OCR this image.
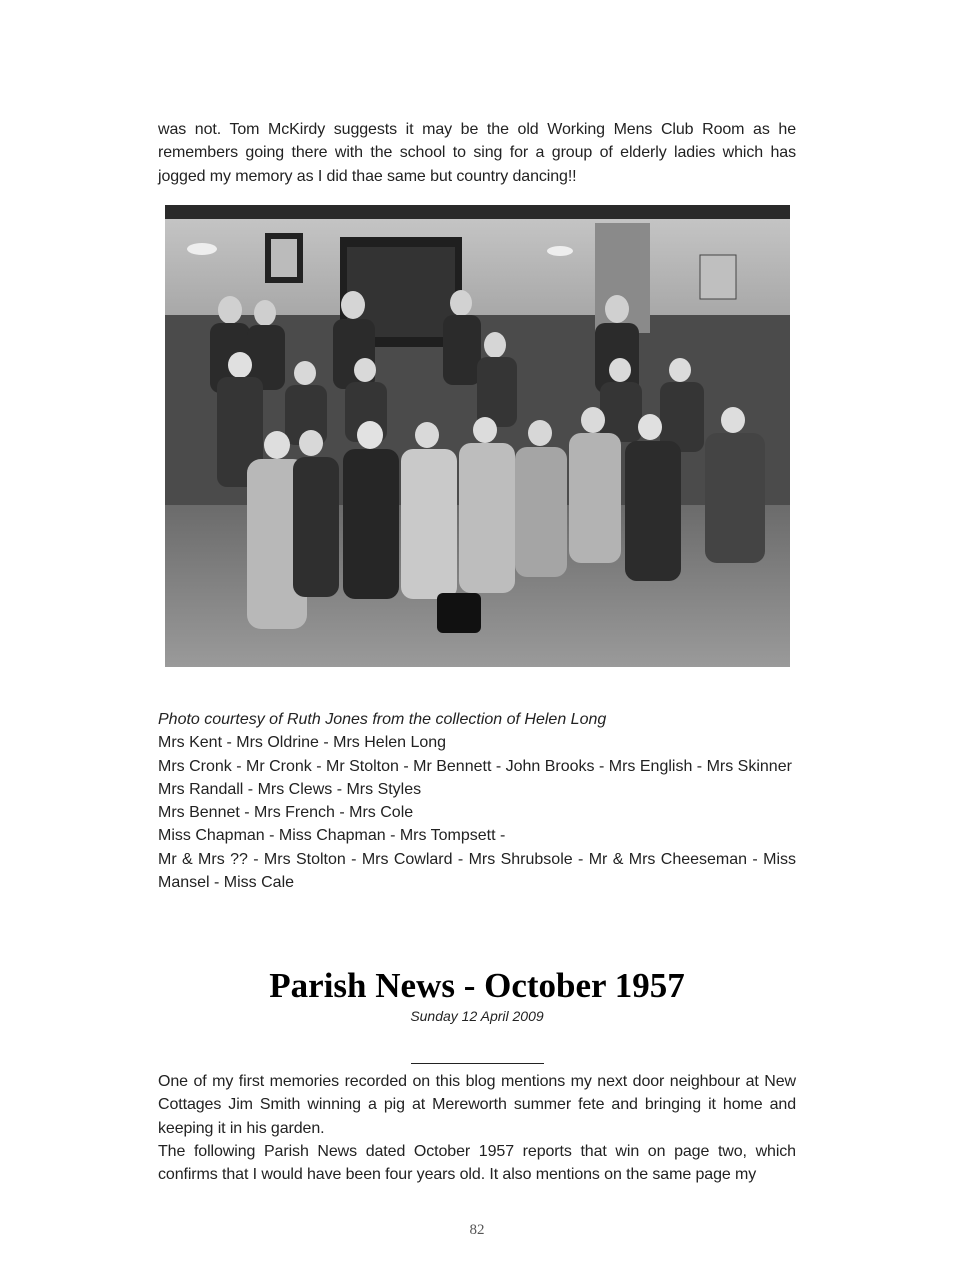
was not. Tom McKirdy suggests it may be the old Working Mens Club Room as he remembers going there with the school to sing for a group of elderly ladies which has jogged my memory as I did thae same but country dancing!!

Photo courtesy of Ruth Jones from the collection of Helen Long

Mrs Kent - Mrs Oldrine - Mrs Helen Long

Mrs Cronk - Mr Cronk - Mr Stolton - Mr Bennett - John Brooks - Mrs English - Mrs Skinner

Mrs Randall - Mrs Clews - Mrs Styles

Mrs Bennet - Mrs French - Mrs Cole

Miss Chapman - Miss Chapman - Mrs Tompsett -

Mr & Mrs ?? - Mrs Stolton - Mrs Cowlard - Mrs Shrubsole - Mr & Mrs Cheeseman - Miss Mansel - Miss Cale

Parish News - October 1957
Sunday 12 April 2009

One of my first memories recorded on this blog mentions my next door neighbour at New Cottages Jim Smith winning a pig at Mereworth summer fete and bringing it home and keeping it in his garden.

The following Parish News dated October 1957 reports that win on page two, which confirms that I would have been four years old. It also mentions on the same page my

82
